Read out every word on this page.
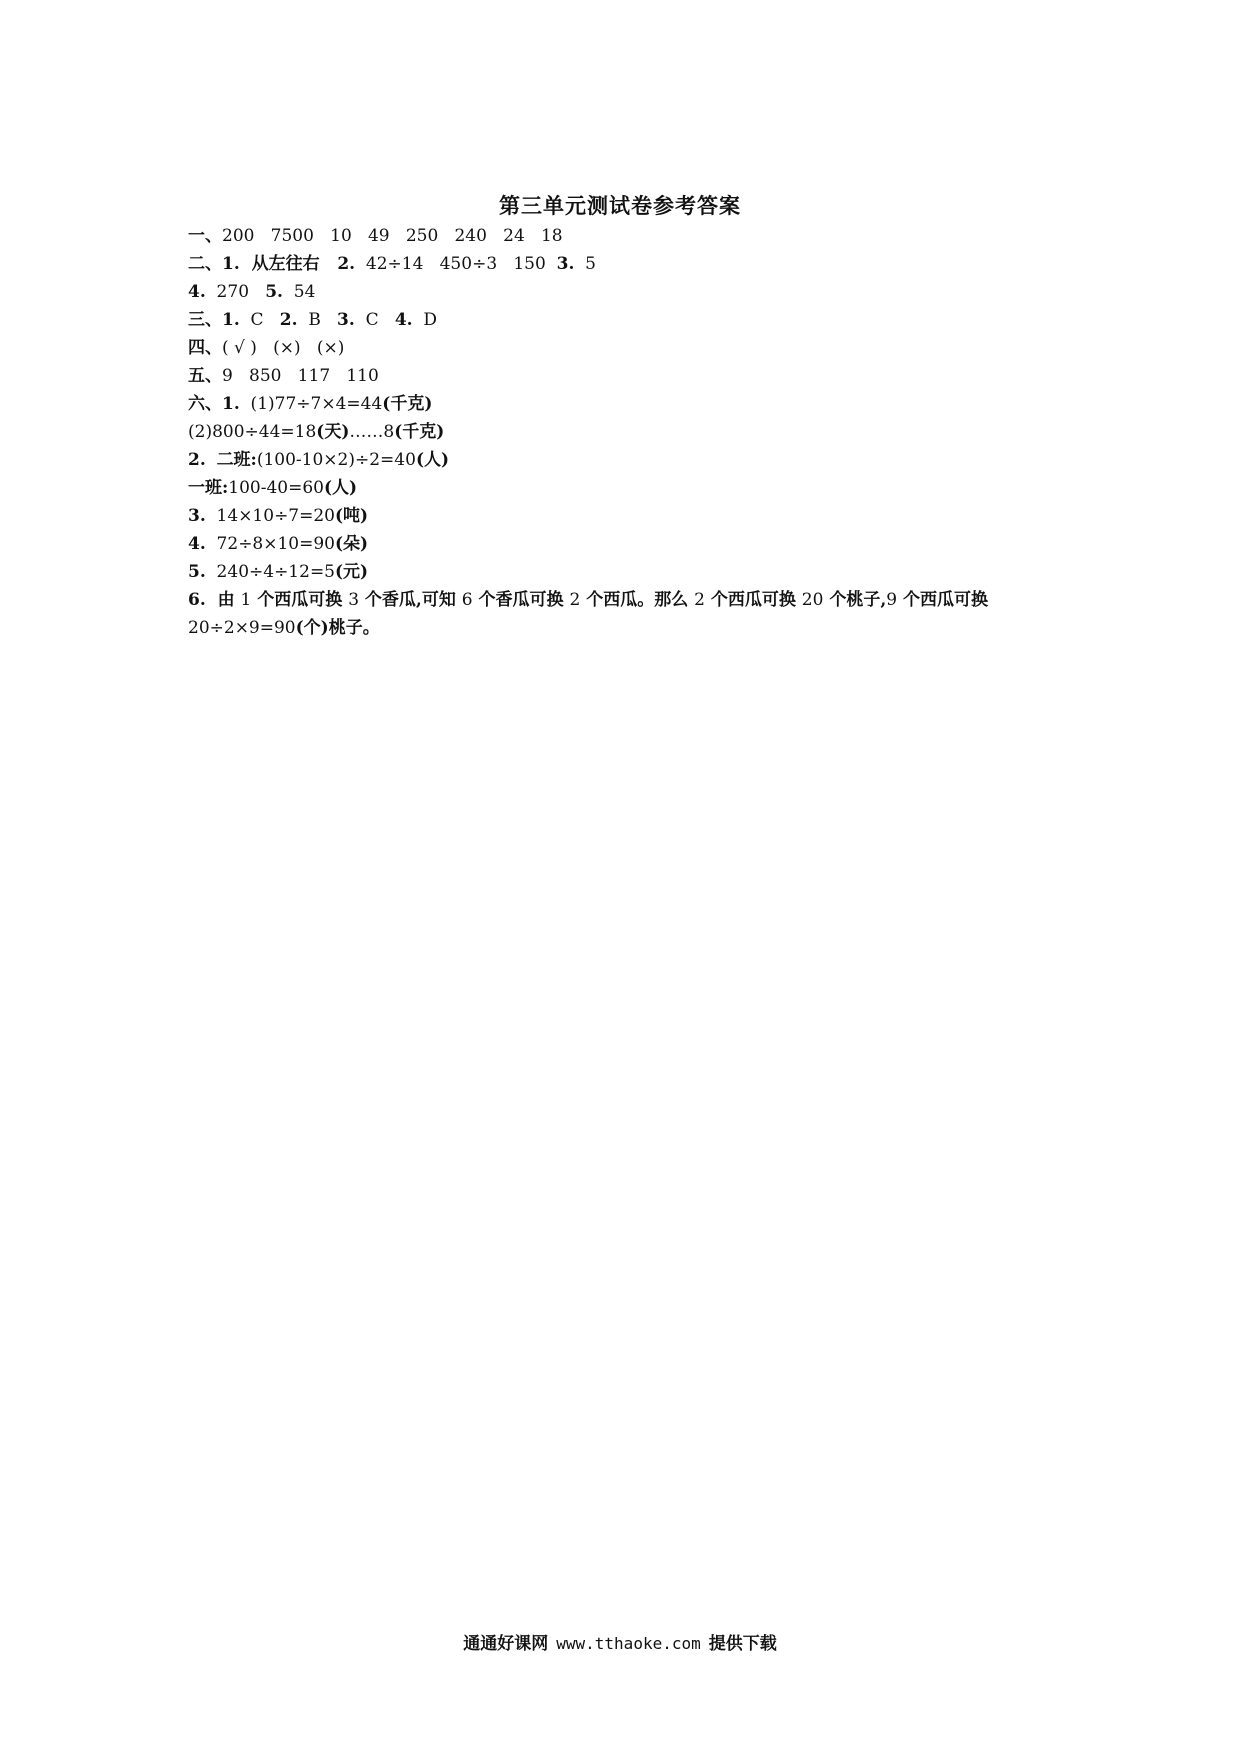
第三单元测试卷参考答案
一、200   7500   10   49   250   240   24   18
二、1.  从左往右   2.  42÷14   450÷3   150  3.  5
4.  270   5.  54
三、1.  C   2.  B   3.  C   4.  D
四、( √ )   (×)   (×)
五、9   850   117   110
六、1.  (1)77÷7×4=44(千克)
(2)800÷44=18(天)……8(千克)
2. 二班:(100-10×2)÷2=40(人)
一班:100-40=60(人)
3.  14×10÷7=20(吨)
4.  72÷8×10=90(朵)
5.  240÷4÷12=5(元)
6.  由 1 个西瓜可换 3 个香瓜,可知 6 个香瓜可换 2 个西瓜。那么 2 个西瓜可换 20 个桃子,9 个西瓜可换
20÷2×9=90(个)桃子。
通通好课网 www.tthaoke.com 提供下载
